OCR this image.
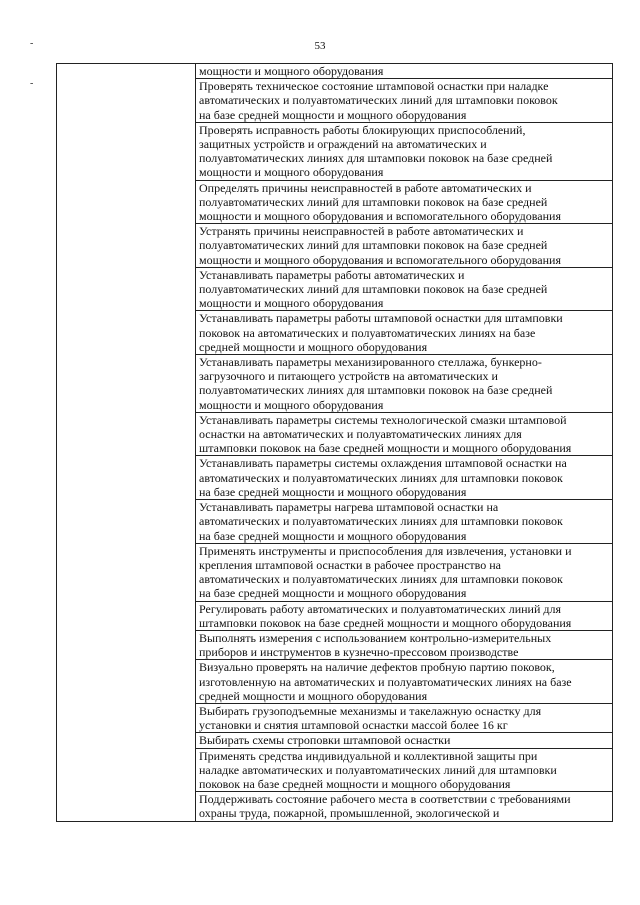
-
-
53

мощности и мощного оборудования

Проверять техническое состояние штамповой оснастки при наладке
автоматических и полуавтоматических линий для штамповки поковок
на базе средней мощности и мощного оборудования

Проверять исправность работы блокирующих приспособлений,
защитных устройств и ограждений на автоматических и
полуавтоматических линиях для штамповки поковок на базе средней
мощности и мощного оборудования

Определять причины неисправностей в работе автоматических и
полуавтоматических линий для штамповки поковок на базе средней
мощности и мощного оборудования и вспомогательного оборудования

Устранять причины неисправностей в работе автоматических и
полуавтоматических линий для штамповки поковок на базе средней
мощности и мощного оборудования и вспомогательного оборудования

Устанавливать параметры работы автоматических и
полуавтоматических линий для штамповки поковок на базе средней
мощности и мощного оборудования

Устанавливать параметры работы штамповой оснастки для штамповки
поковок на автоматических и полуавтоматических линиях на базе
средней мощности и мощного оборудования

Устанавливать параметры механизированного стеллажа, бункерно-
загрузочного и питающего устройств на автоматических и
полуавтоматических линиях для штамповки поковок на базе средней
мощности и мощного оборудования

Устанавливать параметры системы технологической смазки штамповой
оснастки на автоматических и полуавтоматических линиях для
штамповки поковок на базе средней мощности и мощного оборудования

Устанавливать параметры системы охлаждения штамповой оснастки на
автоматических и полуавтоматических линиях для штамповки поковок
на базе средней мощности и мощного оборудования

Устанавливать параметры нагрева штамповой оснастки на
автоматических и полуавтоматических линиях для штамповки поковок
на базе средней мощности и мощного оборудования

Применять инструменты и приспособления для извлечения, установки и
крепления штамповой оснастки в рабочее пространство на
автоматических и полуавтоматических линиях для штамповки поковок
на базе средней мощности и мощного оборудования

Регулировать работу автоматических и полуавтоматических линий для
штамповки поковок на базе средней мощности и мощного оборудования

Выполнять измерения с использованием контрольно-измерительных
приборов и инструментов в кузнечно-прессовом производстве

Визуально проверять на наличие дефектов пробную партию поковок,
изготовленную на автоматических и полуавтоматических линиях на базе
средней мощности и мощного оборудования

Выбирать грузоподъемные механизмы и такелажную оснастку для
установки и снятия штамповой оснастки массой более 16 кг

Выбирать схемы строповки штамповой оснастки

Применять средства индивидуальной и коллективной защиты при
наладке автоматических и полуавтоматических линий для штамповки
поковок на базе средней мощности и мощного оборудования

Поддерживать состояние рабочего места в соответствии с требованиями
охраны труда, пожарной, промышленной, экологической и
